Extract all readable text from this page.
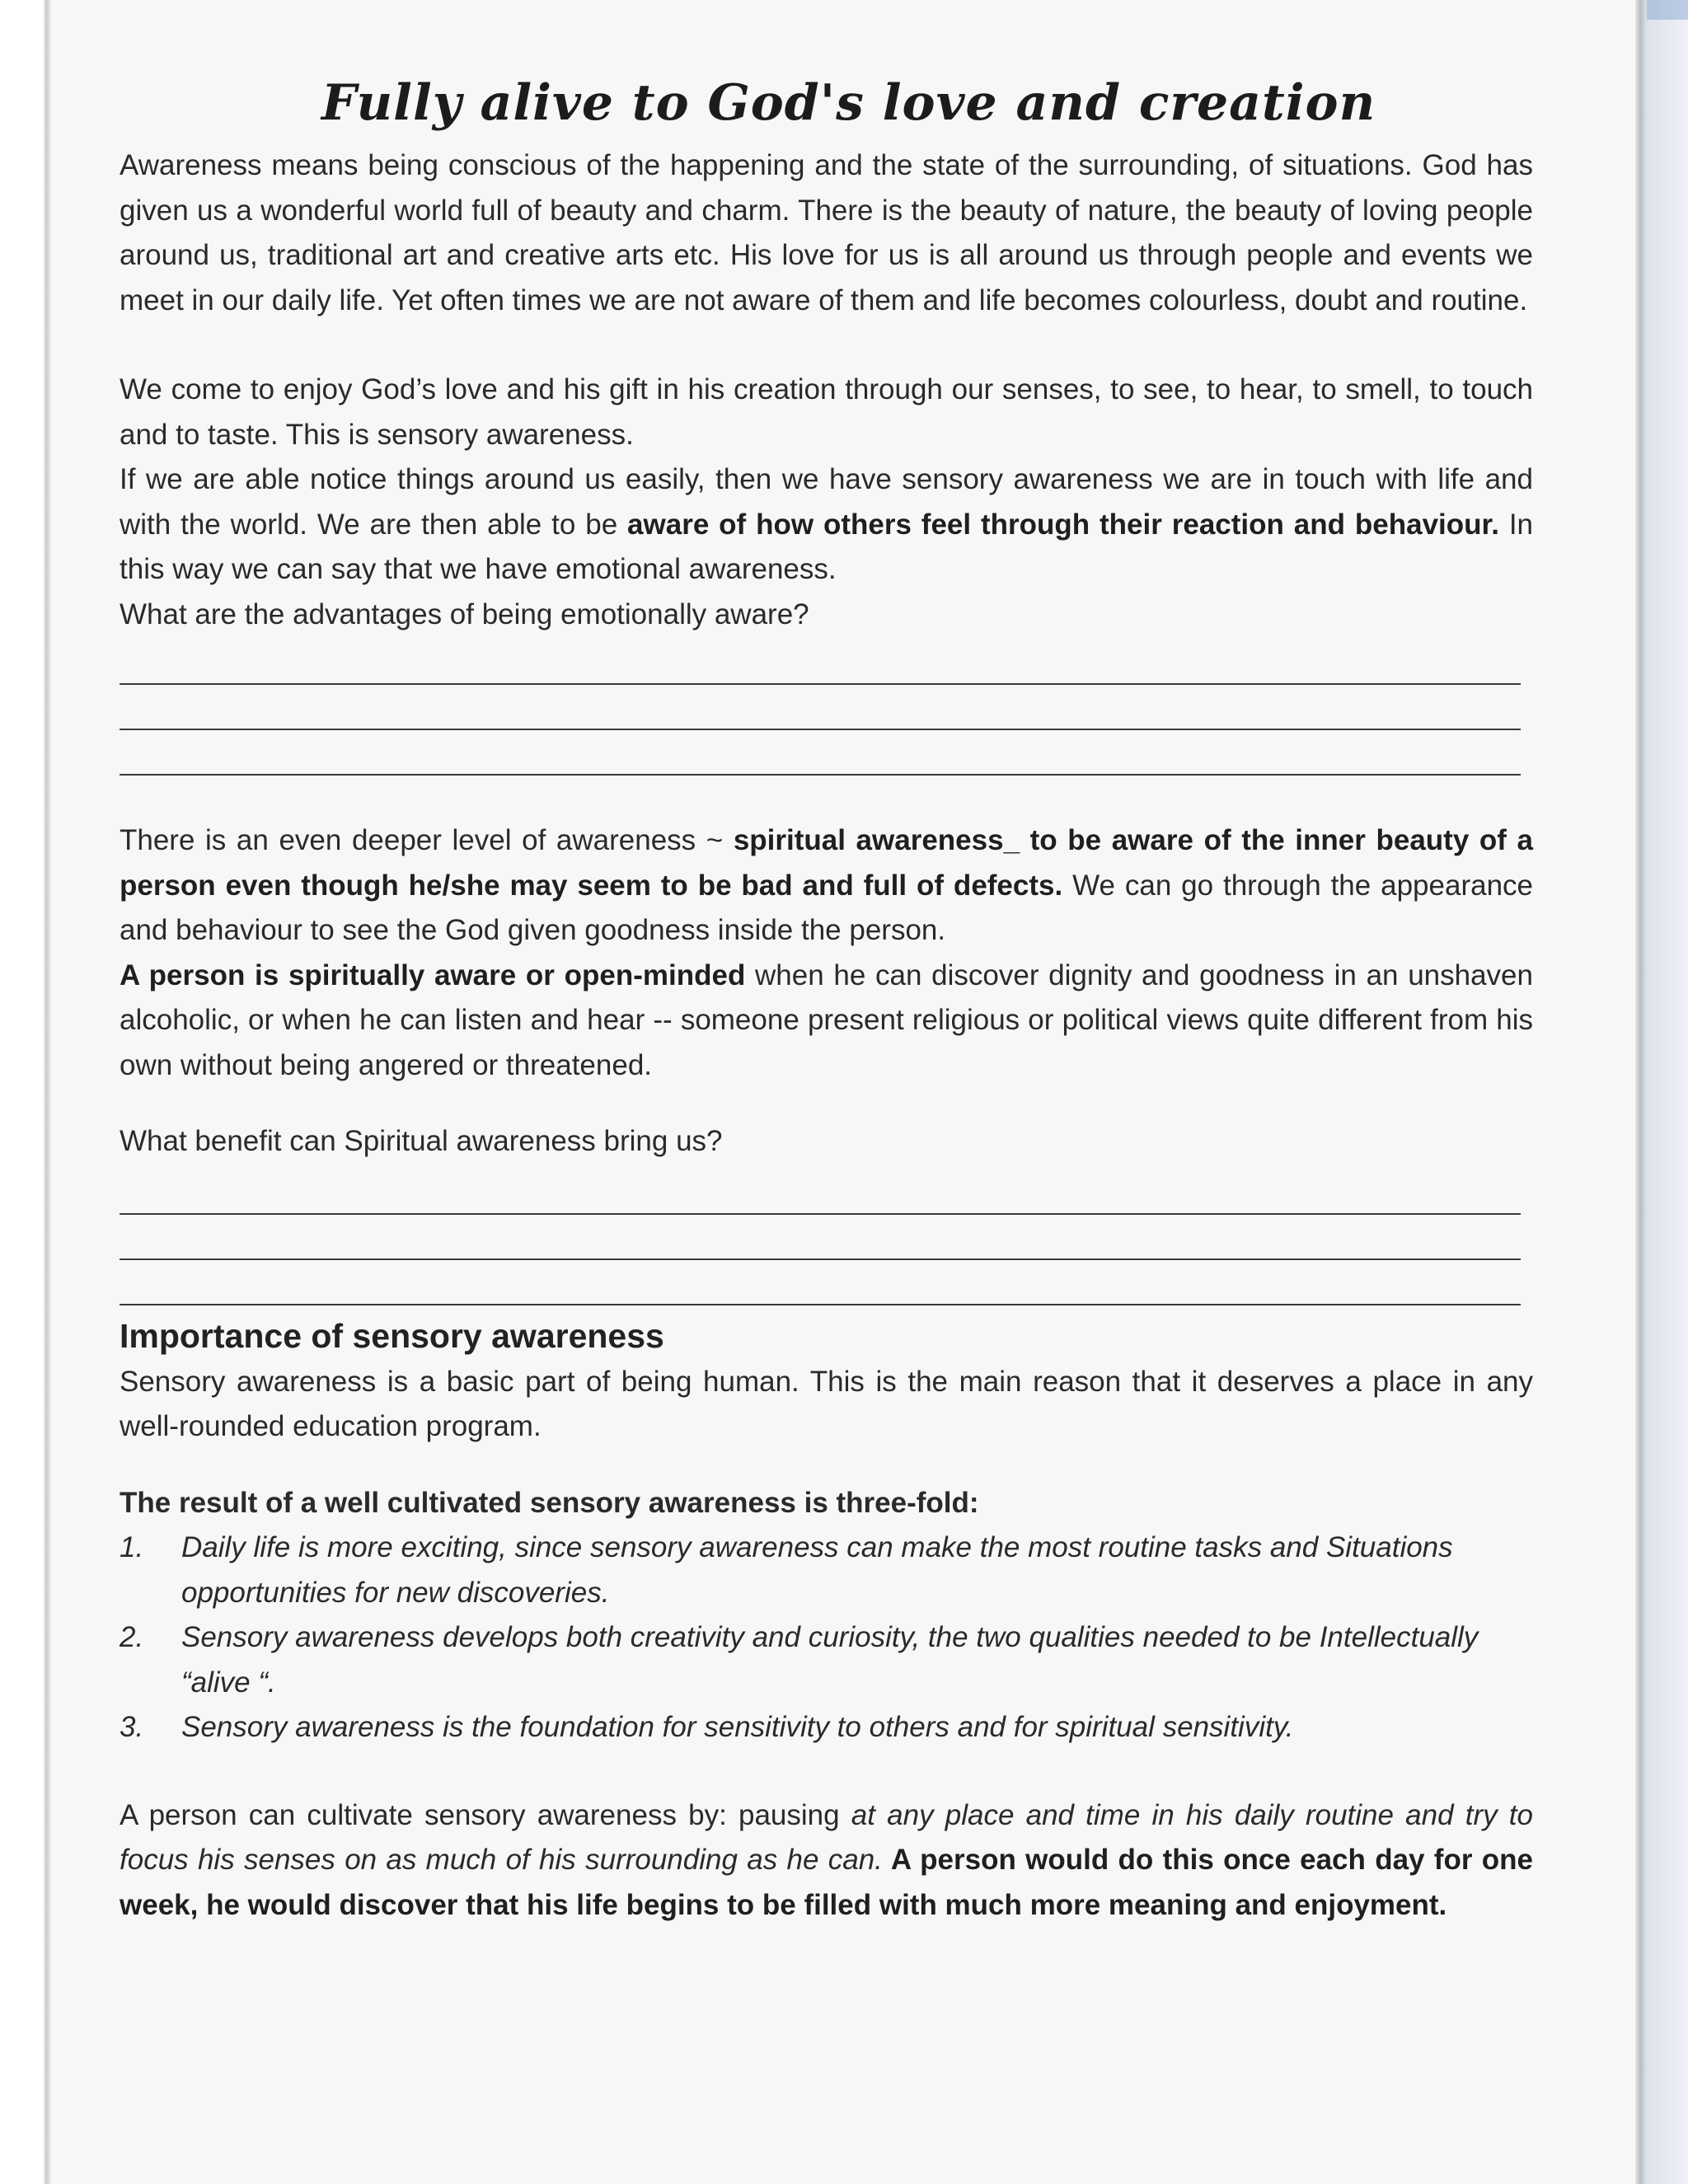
Fully alive to God's love and creation

Awareness means being conscious of the happening and the state of the surrounding, of situations. God has given us a wonderful world full of beauty and charm. There is the beauty of nature, the beauty of loving people around us, traditional art and creative arts etc. His love for us is all around us through people and events we meet in our daily life. Yet often times we are not aware of them and life becomes colourless, doubt and routine.

We come to enjoy God’s love and his gift in his creation through our senses, to see, to hear, to smell, to touch and to taste. This is sensory awareness.

If we are able notice things around us easily, then we have sensory awareness we are in touch with life and with the world. We are then able to be aware of how others feel through their reaction and behaviour. In this way we can say that we have emotional awareness.

What are the advantages of being emotionally aware?

There is an even deeper level of awareness ~ spiritual awareness_ to be aware of the inner beauty of a person even though he/she may seem to be bad and full of defects. We can go through the appearance and behaviour to see the God given goodness inside the person.

A person is spiritually aware or open-minded when he can discover dignity and goodness in an unshaven alcoholic, or when he can listen and hear -- someone present religious or political views quite different from his own without being angered or threatened.

What benefit can Spiritual awareness bring us?

Importance of sensory awareness

Sensory awareness is a basic part of being human. This is the main reason that it deserves a place in any well-rounded education program.

The result of a well cultivated sensory awareness is three-fold:

1. Daily life is more exciting, since sensory awareness can make the most routine tasks and Situations opportunities for new discoveries.
2. Sensory awareness develops both creativity and curiosity, the two qualities needed to be Intellectually “alive “.
3. Sensory awareness is the foundation for sensitivity to others and for spiritual sensitivity.

A person can cultivate sensory awareness by: pausing at any place and time in his daily routine and try to focus his senses on as much of his surrounding as he can. A person would do this once each day for one week, he would discover that his life begins to be filled with much more meaning and enjoyment.
